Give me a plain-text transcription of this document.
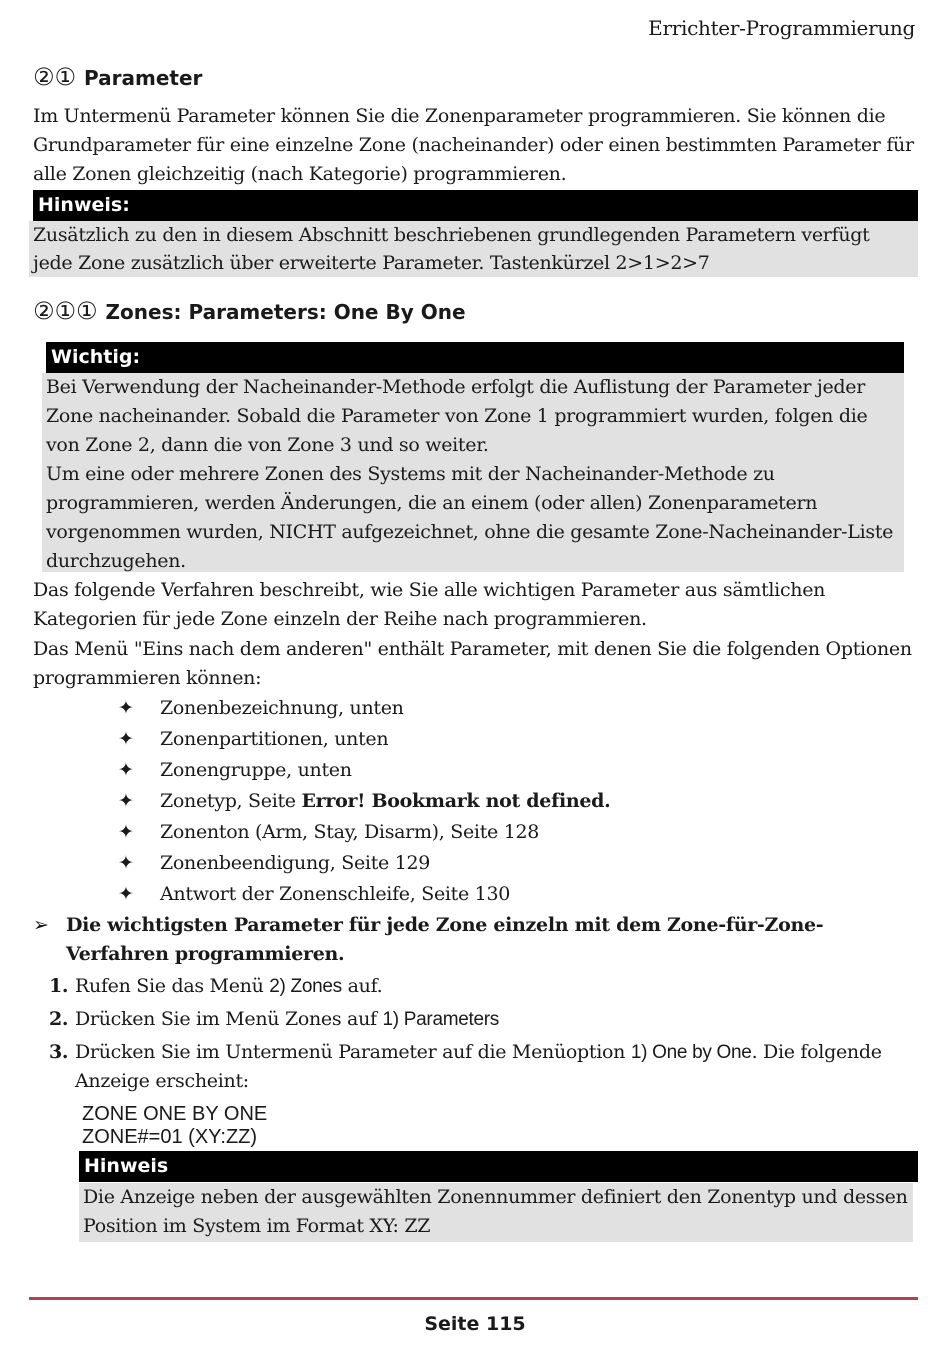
Errichter-Programmierung
②① Parameter
Im Untermenü Parameter können Sie die Zonenparameter programmieren. Sie können die Grundparameter für eine einzelne Zone (nacheinander) oder einen bestimmten Parameter für alle Zonen gleichzeitig (nach Kategorie) programmieren.
Hinweis:
Zusätzlich zu den in diesem Abschnitt beschriebenen grundlegenden Parametern verfügt jede Zone zusätzlich über erweiterte Parameter. Tastenkürzel 2>1>2>7
②①① Zones: Parameters: One By One
Wichtig:
Bei Verwendung der Nacheinander-Methode erfolgt die Auflistung der Parameter jeder Zone nacheinander. Sobald die Parameter von Zone 1 programmiert wurden, folgen die von Zone 2, dann die von Zone 3 und so weiter.
Um eine oder mehrere Zonen des Systems mit der Nacheinander-Methode zu programmieren, werden Änderungen, die an einem (oder allen) Zonenparametern vorgenommen wurden, NICHT aufgezeichnet, ohne die gesamte Zone-Nacheinander-Liste durchzugehen.
Das folgende Verfahren beschreibt, wie Sie alle wichtigen Parameter aus sämtlichen Kategorien für jede Zone einzeln der Reihe nach programmieren.
Das Menü "Eins nach dem anderen" enthält Parameter, mit denen Sie die folgenden Optionen programmieren können:
✦ Zonenbezeichnung, unten
✦ Zonenpartitionen, unten
✦ Zonengruppe, unten
✦ Zonetyp, Seite Error! Bookmark not defined.
✦ Zonenton (Arm, Stay, Disarm), Seite 128
✦ Zonenbeendigung, Seite 129
✦ Antwort der Zonenschleife, Seite 130
➢ Die wichtigsten Parameter für jede Zone einzeln mit dem Zone-für-Zone-Verfahren programmieren.
1. Rufen Sie das Menü 2) Zones auf.
2. Drücken Sie im Menü Zones auf 1) Parameters
3. Drücken Sie im Untermenü Parameter auf die Menüoption 1) One by One. Die folgende Anzeige erscheint:
ZONE ONE BY ONE
ZONE#=01 (XY:ZZ)
Hinweis
Die Anzeige neben der ausgewählten Zonennummer definiert den Zonentyp und dessen Position im System im Format XY: ZZ
Seite 115
